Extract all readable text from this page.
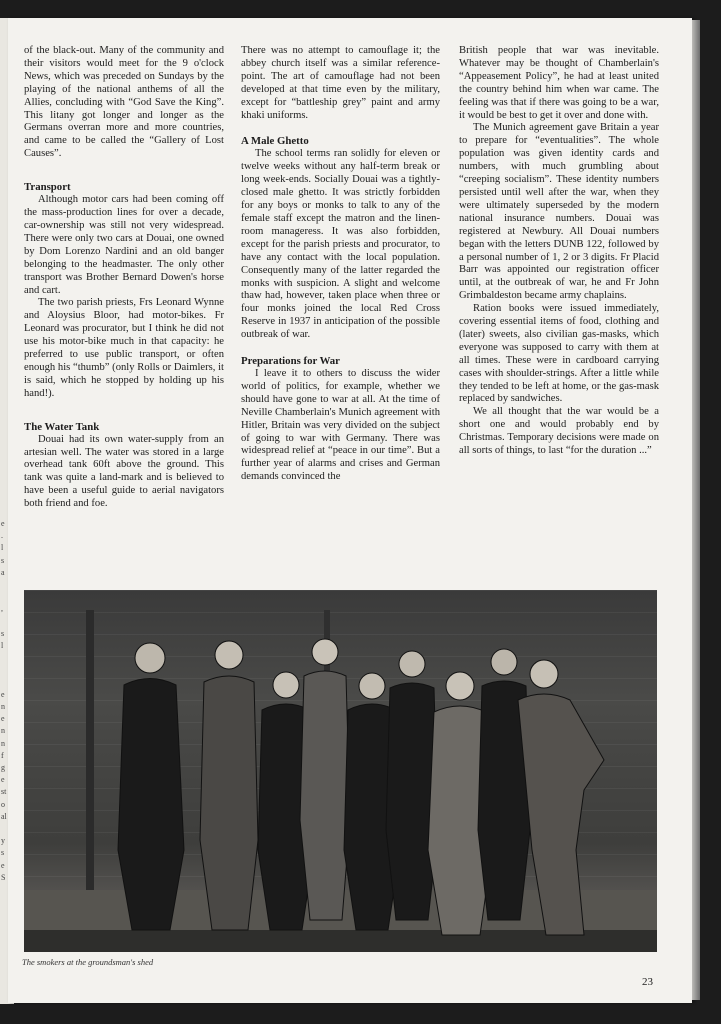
e
.
l
s
a

,

s
l

e
n
e
n
n
f
g
e
st
o
al

y
s
e
S

of the black-out. Many of the community and their visitors would meet for the 9 o'clock News, which was preceded on Sundays by the playing of the national anthems of all the Allies, concluding with “God Save the King”. This litany got longer and longer as the Germans overran more and more countries, and came to be called the “Gallery of Lost Causes”.

Transport

Although motor cars had been coming off the mass-production lines for over a decade, car-ownership was still not very widespread. There were only two cars at Douai, one owned by Dom Lorenzo Nardini and an old banger belonging to the headmaster. The only other transport was Brother Bernard Dowen's horse and cart.

The two parish priests, Frs Leonard Wynne and Aloysius Bloor, had motor-bikes. Fr Leonard was procurator, but I think he did not use his motor-bike much in that capacity: he preferred to use public transport, or often enough his “thumb” (only Rolls or Daimlers, it is said, which he stopped by holding up his hand!).

The Water Tank

Douai had its own water-supply from an artesian well. The water was stored in a large overhead tank 60ft above the ground. This tank was quite a land-mark and is believed to have been a useful guide to aerial navigators both friend and foe.

There was no attempt to camouflage it; the abbey church itself was a similar reference-point. The art of camouflage had not been developed at that time even by the military, except for “battleship grey” paint and army khaki uniforms.

A Male Ghetto

The school terms ran solidly for eleven or twelve weeks without any half-term break or long week-ends. Socially Douai was a tightly-closed male ghetto. It was strictly forbidden for any boys or monks to talk to any of the female staff except the matron and the linen-room manageress. It was also forbidden, except for the parish priests and procurator, to have any contact with the local population. Consequently many of the latter regarded the monks with suspicion. A slight and welcome thaw had, however, taken place when three or four monks joined the local Red Cross Reserve in 1937 in anticipation of the possible outbreak of war.

Preparations for War

I leave it to others to discuss the wider world of politics, for example, whether we should have gone to war at all. At the time of Neville Chamberlain's Munich agreement with Hitler, Britain was very divided on the subject of going to war with Germany. There was widespread relief at “peace in our time”. But a further year of alarms and crises and German demands convinced the

British people that war was inevitable. Whatever may be thought of Chamberlain's “Appeasement Policy”, he had at least united the country behind him when war came. The feeling was that if there was going to be a war, it would be best to get it over and done with.

The Munich agreement gave Britain a year to prepare for “eventualities”. The whole population was given identity cards and numbers, with much grumbling about “creeping socialism”. These identity numbers persisted until well after the war, when they were ultimately superseded by the modern national insurance numbers. Douai was registered at Newbury. All Douai numbers began with the letters DUNB 122, followed by a personal number of 1, 2 or 3 digits. Fr Placid Barr was appointed our registration officer until, at the outbreak of war, he and Fr John Grimbaldeston became army chaplains.

Ration books were issued immediately, covering essential items of food, clothing and (later) sweets, also civilian gas-masks, which everyone was supposed to carry with them at all times. These were in cardboard carrying cases with shoulder-strings. After a little while they tended to be left at home, or the gas-mask replaced by sandwiches.

We all thought that the war would be a short one and would probably end by Christmas. Temporary decisions were made on all sorts of things, to last “for the duration ...”

The smokers at the groundsman's shed
23
